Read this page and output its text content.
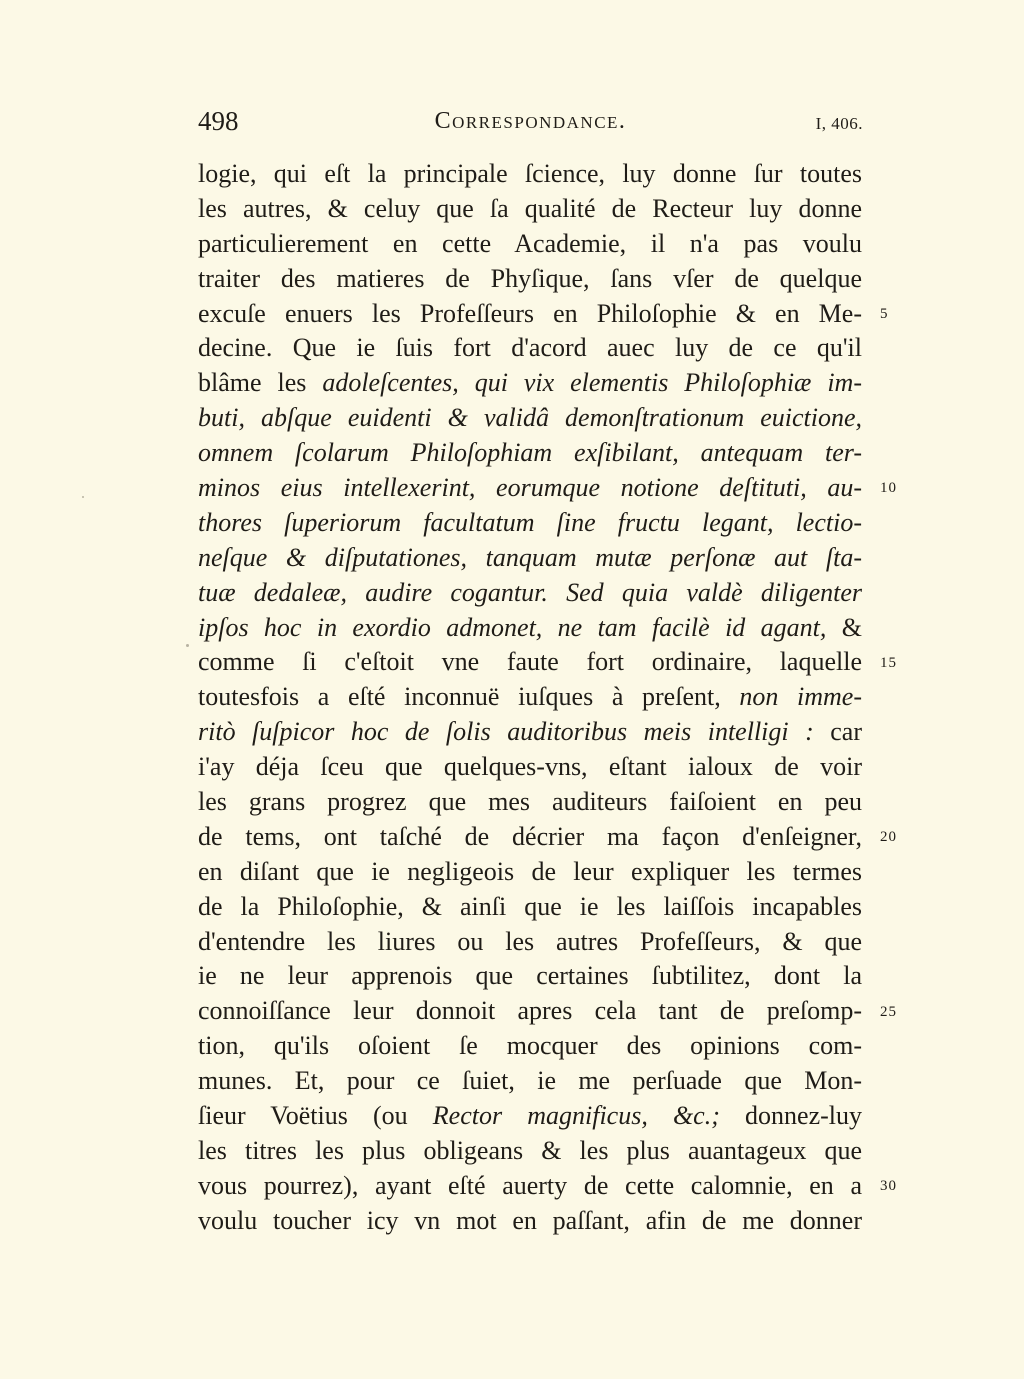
498	Correspondance.	I, 406.
logie, qui eſt la principale ſcience, luy donne ſur toutes
les autres, & celuy que ſa qualité de Recteur luy donne
particulierement en cette Academie, il n'a pas voulu
traiter des matieres de Phyſique, ſans vſer de quelque
excuſe enuers les Profeſſeurs en Philoſophie & en Me-
decine. Que ie ſuis fort d'acord auec luy de ce qu'il
blâme les adoleſcentes, qui vix elementis Philoſophiæ im-
buti, abſque euidenti & validâ demonſtrationum euictione,
omnem ſcolarum Philoſophiam exſibilant, antequam ter-
minos eius intellexerint, eorumque notione deſtituti, au-
thores ſuperiorum facultatum ſine fructu legant, lectio-
neſque & diſputationes, tanquam mutæ perſonæ aut ſta-
tuæ dedaleæ, audire cogantur. Sed quia valdè diligenter
ipſos hoc in exordio admonet, ne tam facilè id agant, &
comme ſi c'eſtoit vne faute fort ordinaire, laquelle
toutesfois a eſté inconnuë iuſques à preſent, non imme-
ritò ſuſpicor hoc de ſolis auditoribus meis intelligi : car
i'ay déja ſceu que quelques-vns, eſtant ialoux de voir
les grans progrez que mes auditeurs faiſoient en peu
de tems, ont taſché de décrier ma façon d'enſeigner,
en diſant que ie negligeois de leur expliquer les termes
de la Philoſophie, & ainſi que ie les laiſſois incapables
d'entendre les liures ou les autres Profeſſeurs, & que
ie ne leur apprenois que certaines ſubtilitez, dont la
connoiſſance leur donnoit apres cela tant de preſomp-
tion, qu'ils oſoient ſe mocquer des opinions com-
munes. Et, pour ce ſuiet, ie me perſuade que Mon-
ſieur Voëtius (ou Rector magnificus, &c.; donnez-luy
les titres les plus obligeans & les plus auantageux que
vous pourrez), ayant eſté auerty de cette calomnie, en a
voulu toucher icy vn mot en paſſant, afin de me donner
5
10
15
20
25
30
